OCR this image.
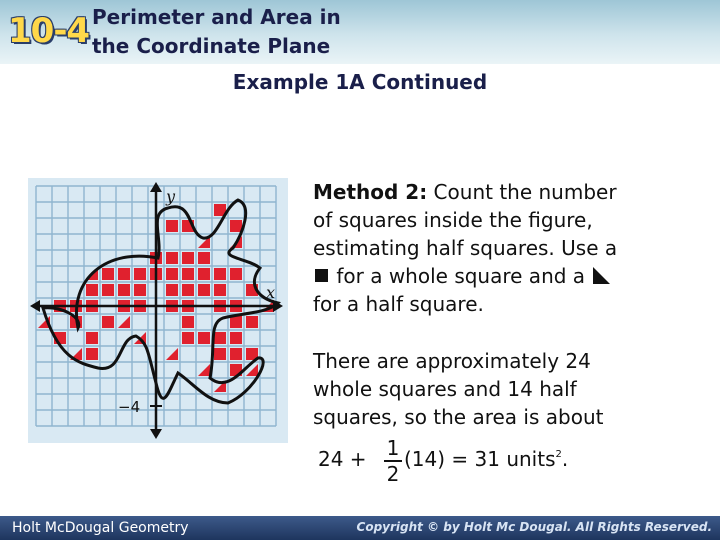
10-4 Perimeter and Area in
the Coordinate Plane
Example 1A Continued
x
y
−4
Method 2: Count the number
of squares inside the figure,
estimating half squares. Use a
for a whole square and a
for a half square.
There are approximately 24
whole squares and 14 half
squares, so the area is about
24 + 1
2
(14) = 31 units$^2$.
Holt McDougal Geometry	Copyright © by Holt Mc Dougal. All Rights Reserved.
